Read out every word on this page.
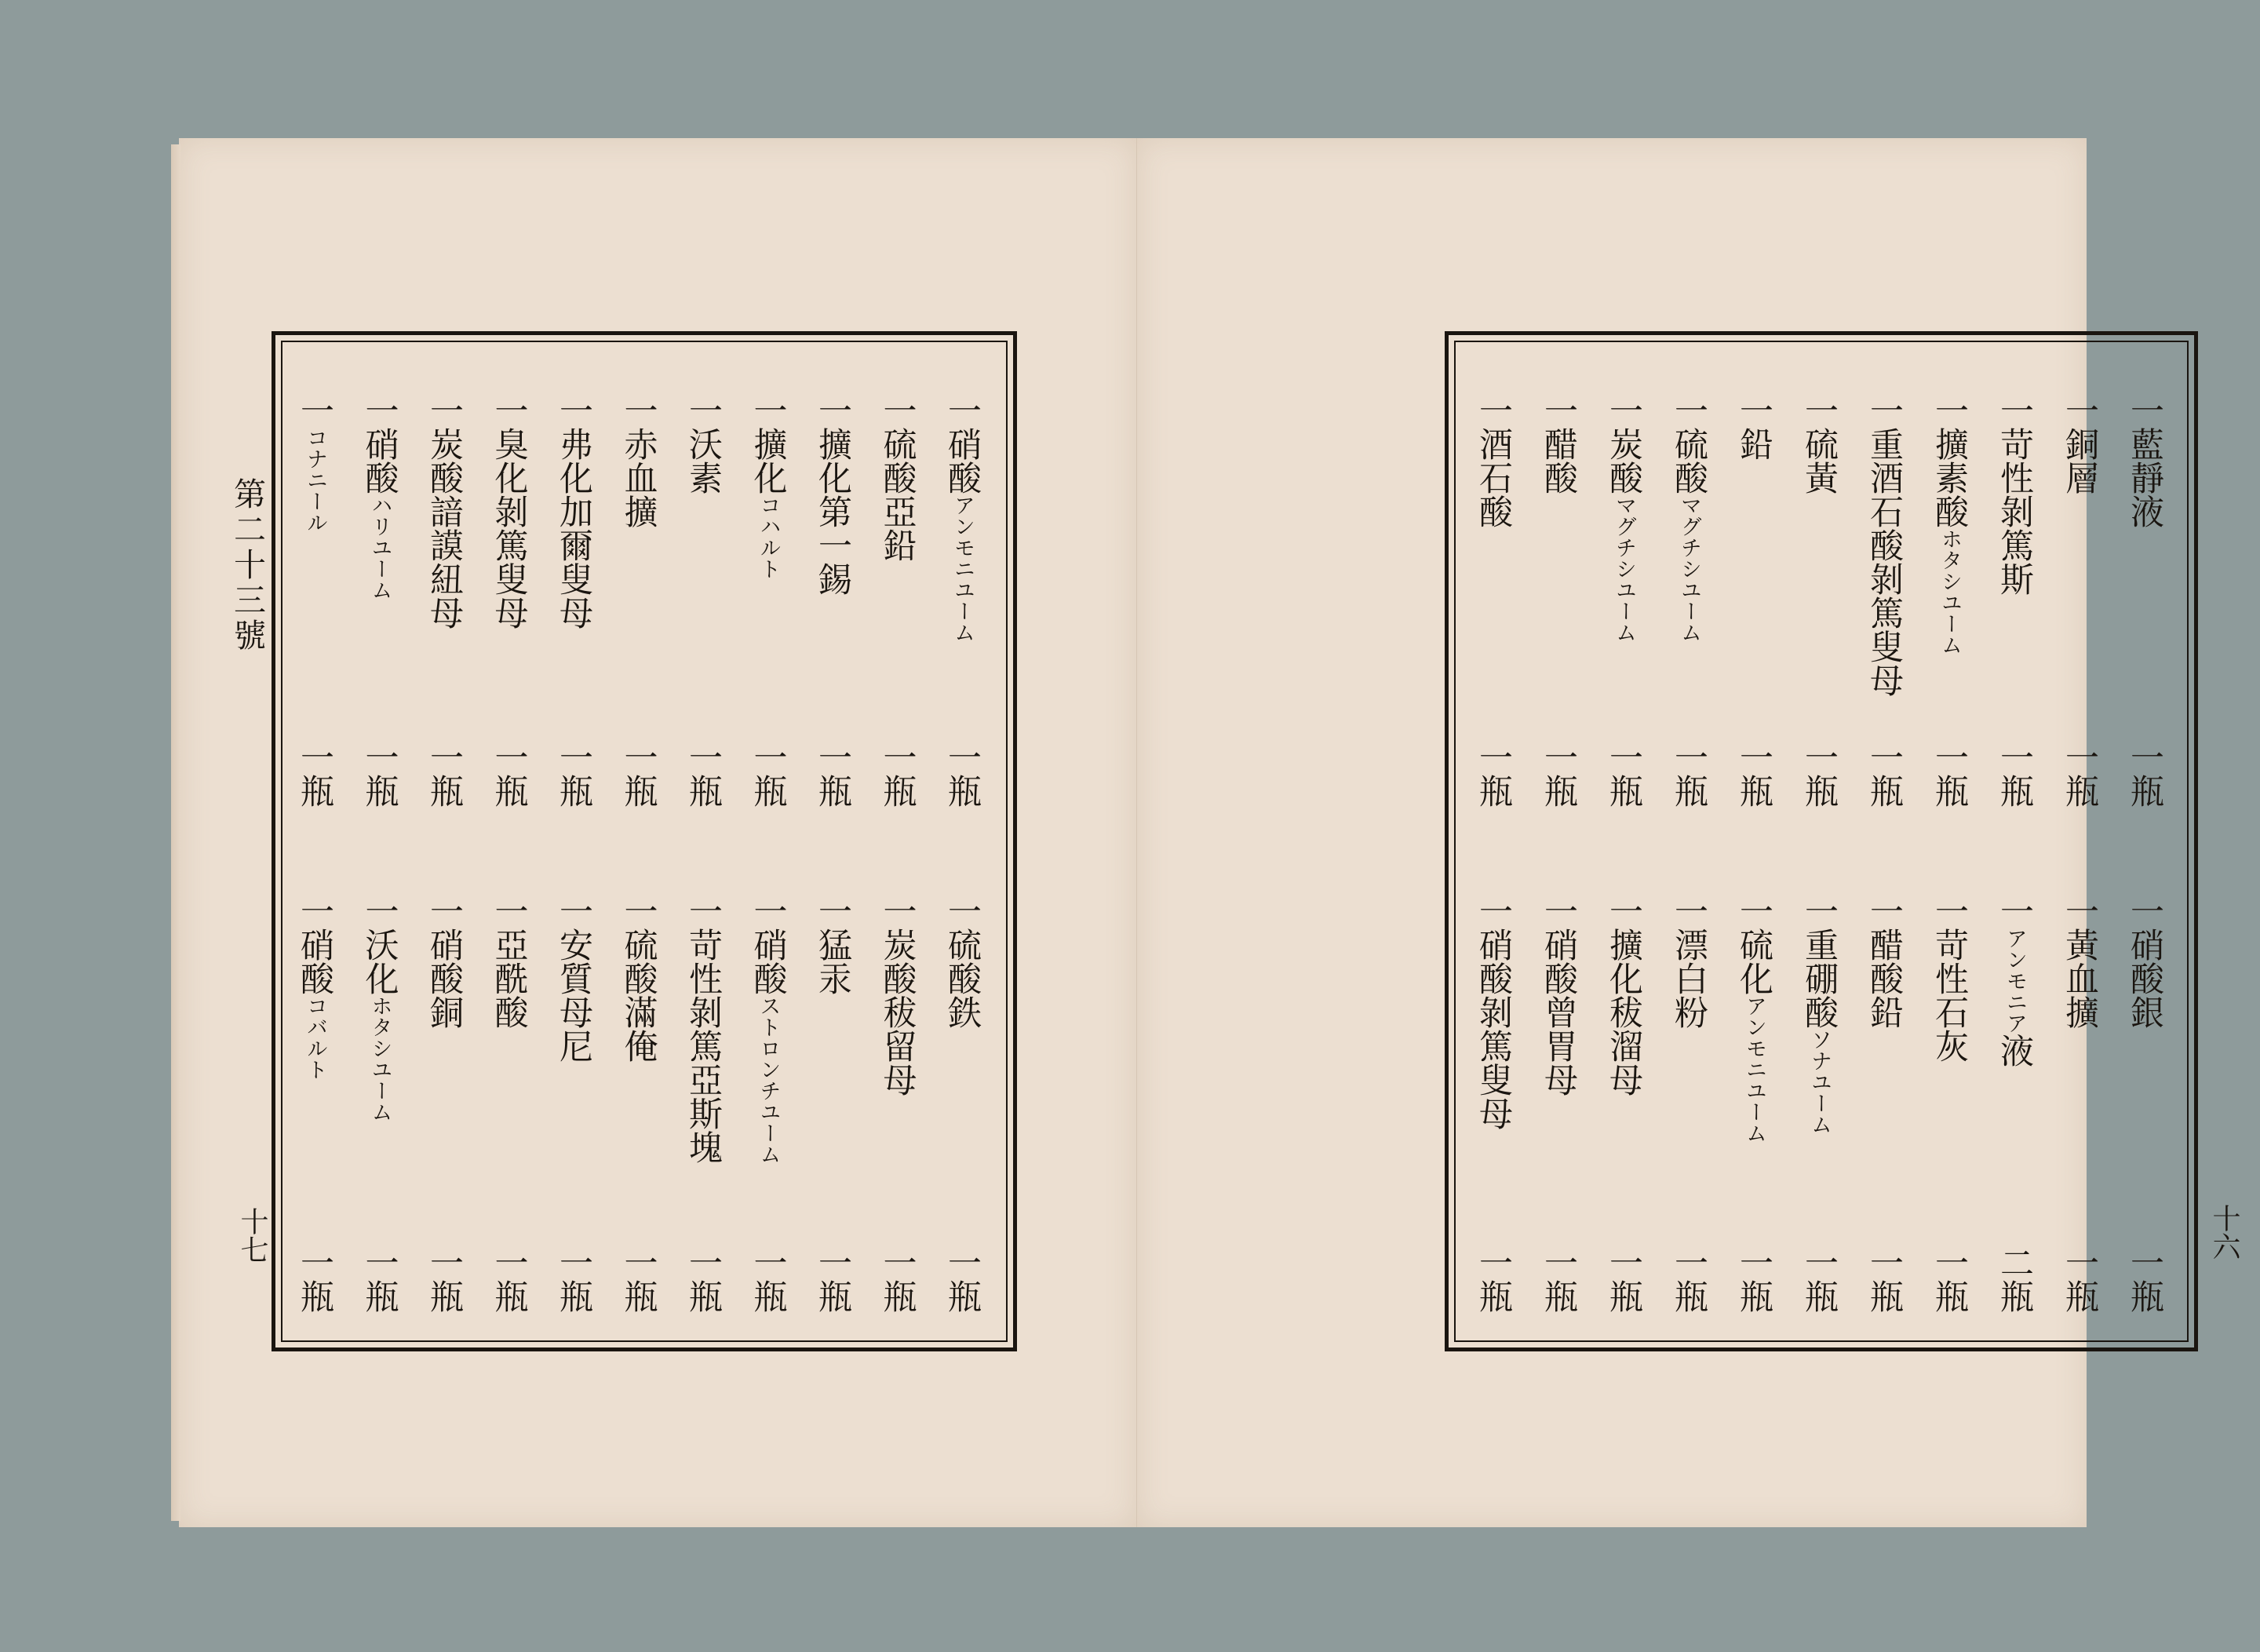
第二十三號
十七
一硝酸アンモニユーム
一硫酸鉄
一瓶
一瓶
一硫酸亞鉛
一炭酸秡留母
一瓶
一瓶
一擴化第一錫
一猛汞
一瓶
一瓶
一擴化コハルト
一硝酸ストロンチユーム
一瓶
一瓶
一沃素
一苛性剝篤亞斯塊
一瓶
一瓶
一赤血擴
一硫酸滿俺
一瓶
一瓶
一弗化加爾叟母
一安質母尼
一瓶
一瓶
一臭化剝篤叟母
一亞酰酸
一瓶
一瓶
一炭酸諳謨紐母
一硝酸銅
一瓶
一瓶
一硝酸ハリユーム
一沃化ホタシユーム
一瓶
一瓶
一コナニール
一硝酸コバルト
一瓶
一瓶
十六
一藍靜液
一硝酸銀
一瓶
一瓶
一銅層
一黃血擴
一瓶
一瓶
一苛性剝篤斯
一アンモニア液
一瓶
二瓶
一擴素酸ホタシユーム
一苛性石灰
一瓶
一瓶
一重酒石酸剝篤叟母
一醋酸鉛
一瓶
一瓶
一硫黃
一重硼酸ソナユーム
一瓶
一瓶
一鉛
一硫化アンモニユーム
一瓶
一瓶
一硫酸マグチシユーム
一漂白粉
一瓶
一瓶
一炭酸マグチシユーム
一擴化秡溜母
一瓶
一瓶
一醋酸
一硝酸曾胃母
一瓶
一瓶
一酒石酸
一硝酸剝篤叟母
一瓶
一瓶
